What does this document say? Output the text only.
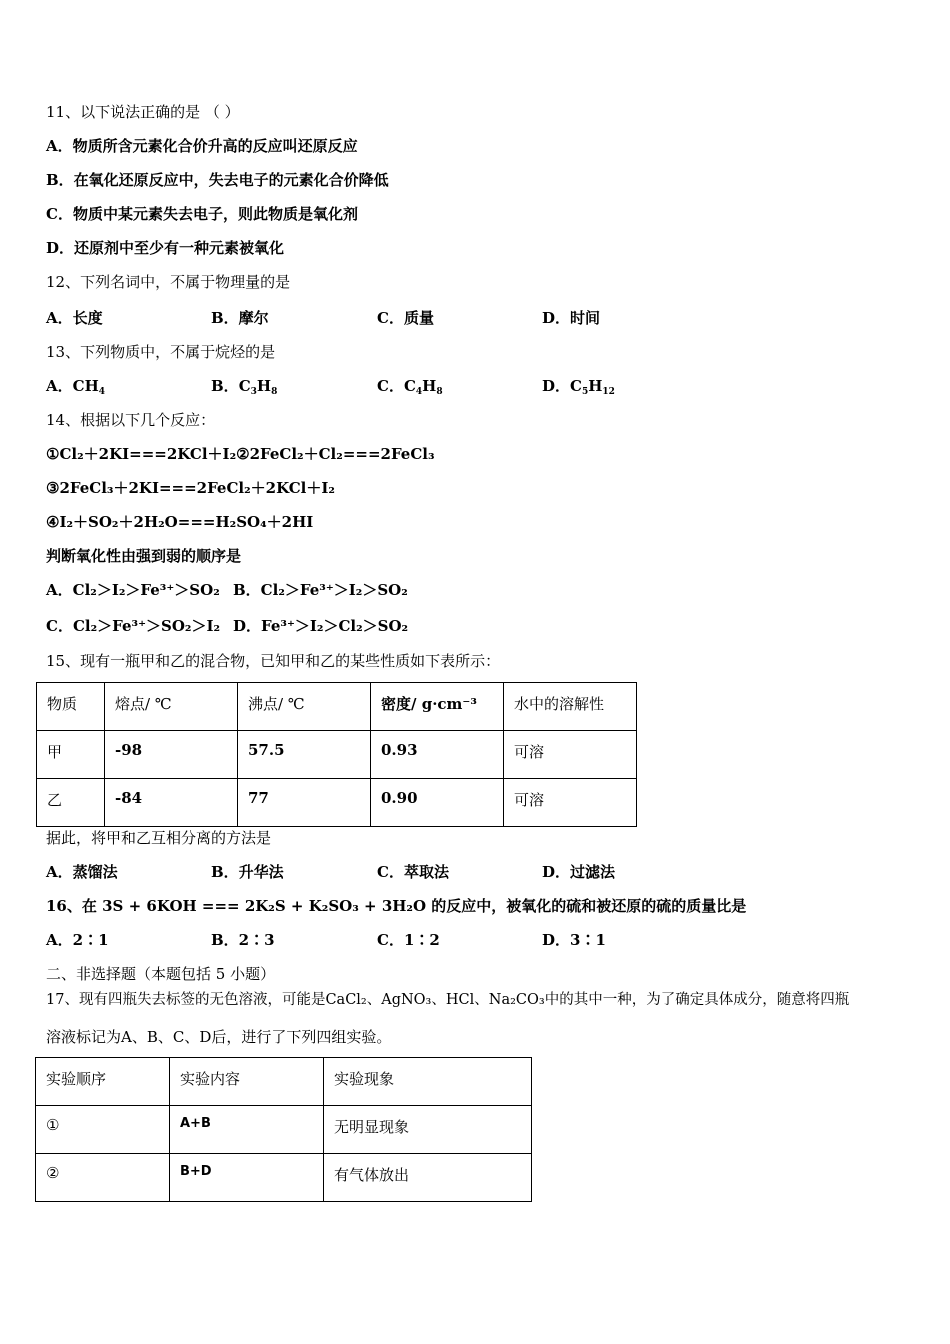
11、以下说法正确的是 （ ）
A．物质所含元素化合价升高的反应叫还原反应
B．在氧化还原反应中，失去电子的元素化合价降低
C．物质中某元素失去电子，则此物质是氧化剂
D．还原剂中至少有一种元素被氧化
12、下列名词中，不属于物理量的是
A．长度	B．摩尔	C．质量	D．时间
13、下列物质中，不属于烷烃的是
A．$CH_4$	B．$C_3H_8$	C．$C_4H_8$	D．$C_5H_{12}$
14、根据以下几个反应：
①Cl₂＋2KI===2KCl＋I₂②2FeCl₂＋Cl₂===2FeCl₃
③2FeCl₃＋2KI===2FeCl₂＋2KCl＋I₂
④I₂＋SO₂＋2H₂O===H₂SO₄＋2HI
判断氧化性由强到弱的顺序是
A．Cl₂＞I₂＞Fe³⁺＞SO₂ B．Cl₂＞Fe³⁺＞I₂＞SO₂
C．Cl₂＞Fe³⁺＞SO₂＞I₂ D．Fe³⁺＞I₂＞Cl₂＞SO₂
15、现有一瓶甲和乙的混合物，已知甲和乙的某些性质如下表所示：
物质	熔点/ ℃	沸点/ ℃	密度/ g·cm⁻³	水中的溶解性
甲	-98	57.5	0.93	可溶
乙	-84	77	0.90	可溶
据此，将甲和乙互相分离的方法是
A．蒸馏法	B．升华法	C．萃取法	D．过滤法
16、在 3S + 6KOH === 2K₂S + K₂SO₃ + 3H₂O 的反应中，被氧化的硫和被还原的硫的质量比是
A．2∶1	B．2∶3	C．1∶2	D．3∶1
二、非选择题（本题包括 5 小题）
17、现有四瓶失去标签的无色溶液，可能是CaCl₂、AgNO₃、HCl、Na₂CO₃中的其中一种，为了确定具体成分，随意将四瓶
溶液标记为A、B、C、D后，进行了下列四组实验。
实验顺序	实验内容	实验现象
①	A+B	无明显现象
②	B+D	有气体放出
